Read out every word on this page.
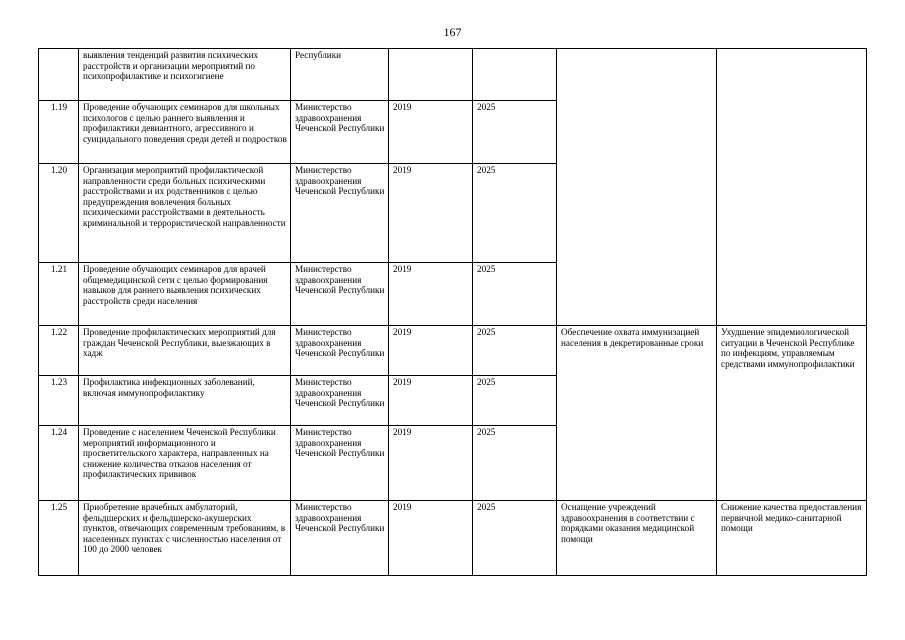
167
	выявления тенденций развития психических расстройств и организации мероприятий по психопрофилактике и психогигиене	Республики				
1.19	Проведение обучающих семинаров для школьных психологов с целью раннего выявления и профилактики девиантного, агрессивного и суицидального поведения среди детей и подростков	Министерство здравоохранения Чеченской Республики	2019	2025		
1.20	Организация мероприятий профилактической направленности среди больных психическими расстройствами и их родственников с целью предупреждения вовлечения больных психическими расстройствами в деятельность криминальной и террористической направленности	Министерство здравоохранения Чеченской Республики	2019	2025		
1.21	Проведение обучающих семинаров для врачей общемедицинской сети с целью формирования навыков для раннего выявления психических расстройств среди населения	Министерство здравоохранения Чеченской Республики	2019	2025		
1.22	Проведение профилактических мероприятий для граждан Чеченской Республики, выезжающих в хадж	Министерство здравоохранения Чеченской Республики	2019	2025	Обеспечение охвата иммунизацией населения в декретированные сроки	Ухудшение эпидемиологической ситуации в Чеченской Республике по инфекциям, управляемым средствами иммунопрофилактики
1.23	Профилактика инфекционных заболеваний, включая иммунопрофилактику	Министерство здравоохранения Чеченской Республики	2019	2025		
1.24	Проведение с населением Чеченской Республики мероприятий информационного и просветительского характера, направленных на снижение количества отказов населения от профилактических прививок	Министерство здравоохранения Чеченской Республики	2019	2025		
1.25	Приобретение врачебных амбулаторий, фельдшерских и фельдшерско-акушерских пунктов, отвечающих современным требованиям, в населенных пунктах с численностью населения от 100 до 2000 человек	Министерство здравоохранения Чеченской Республики	2019	2025	Оснащение учреждений здравоохранения в соответствии с порядками оказания медицинской помощи	Снижение качества предоставления первичной медико-санитарной помощи
